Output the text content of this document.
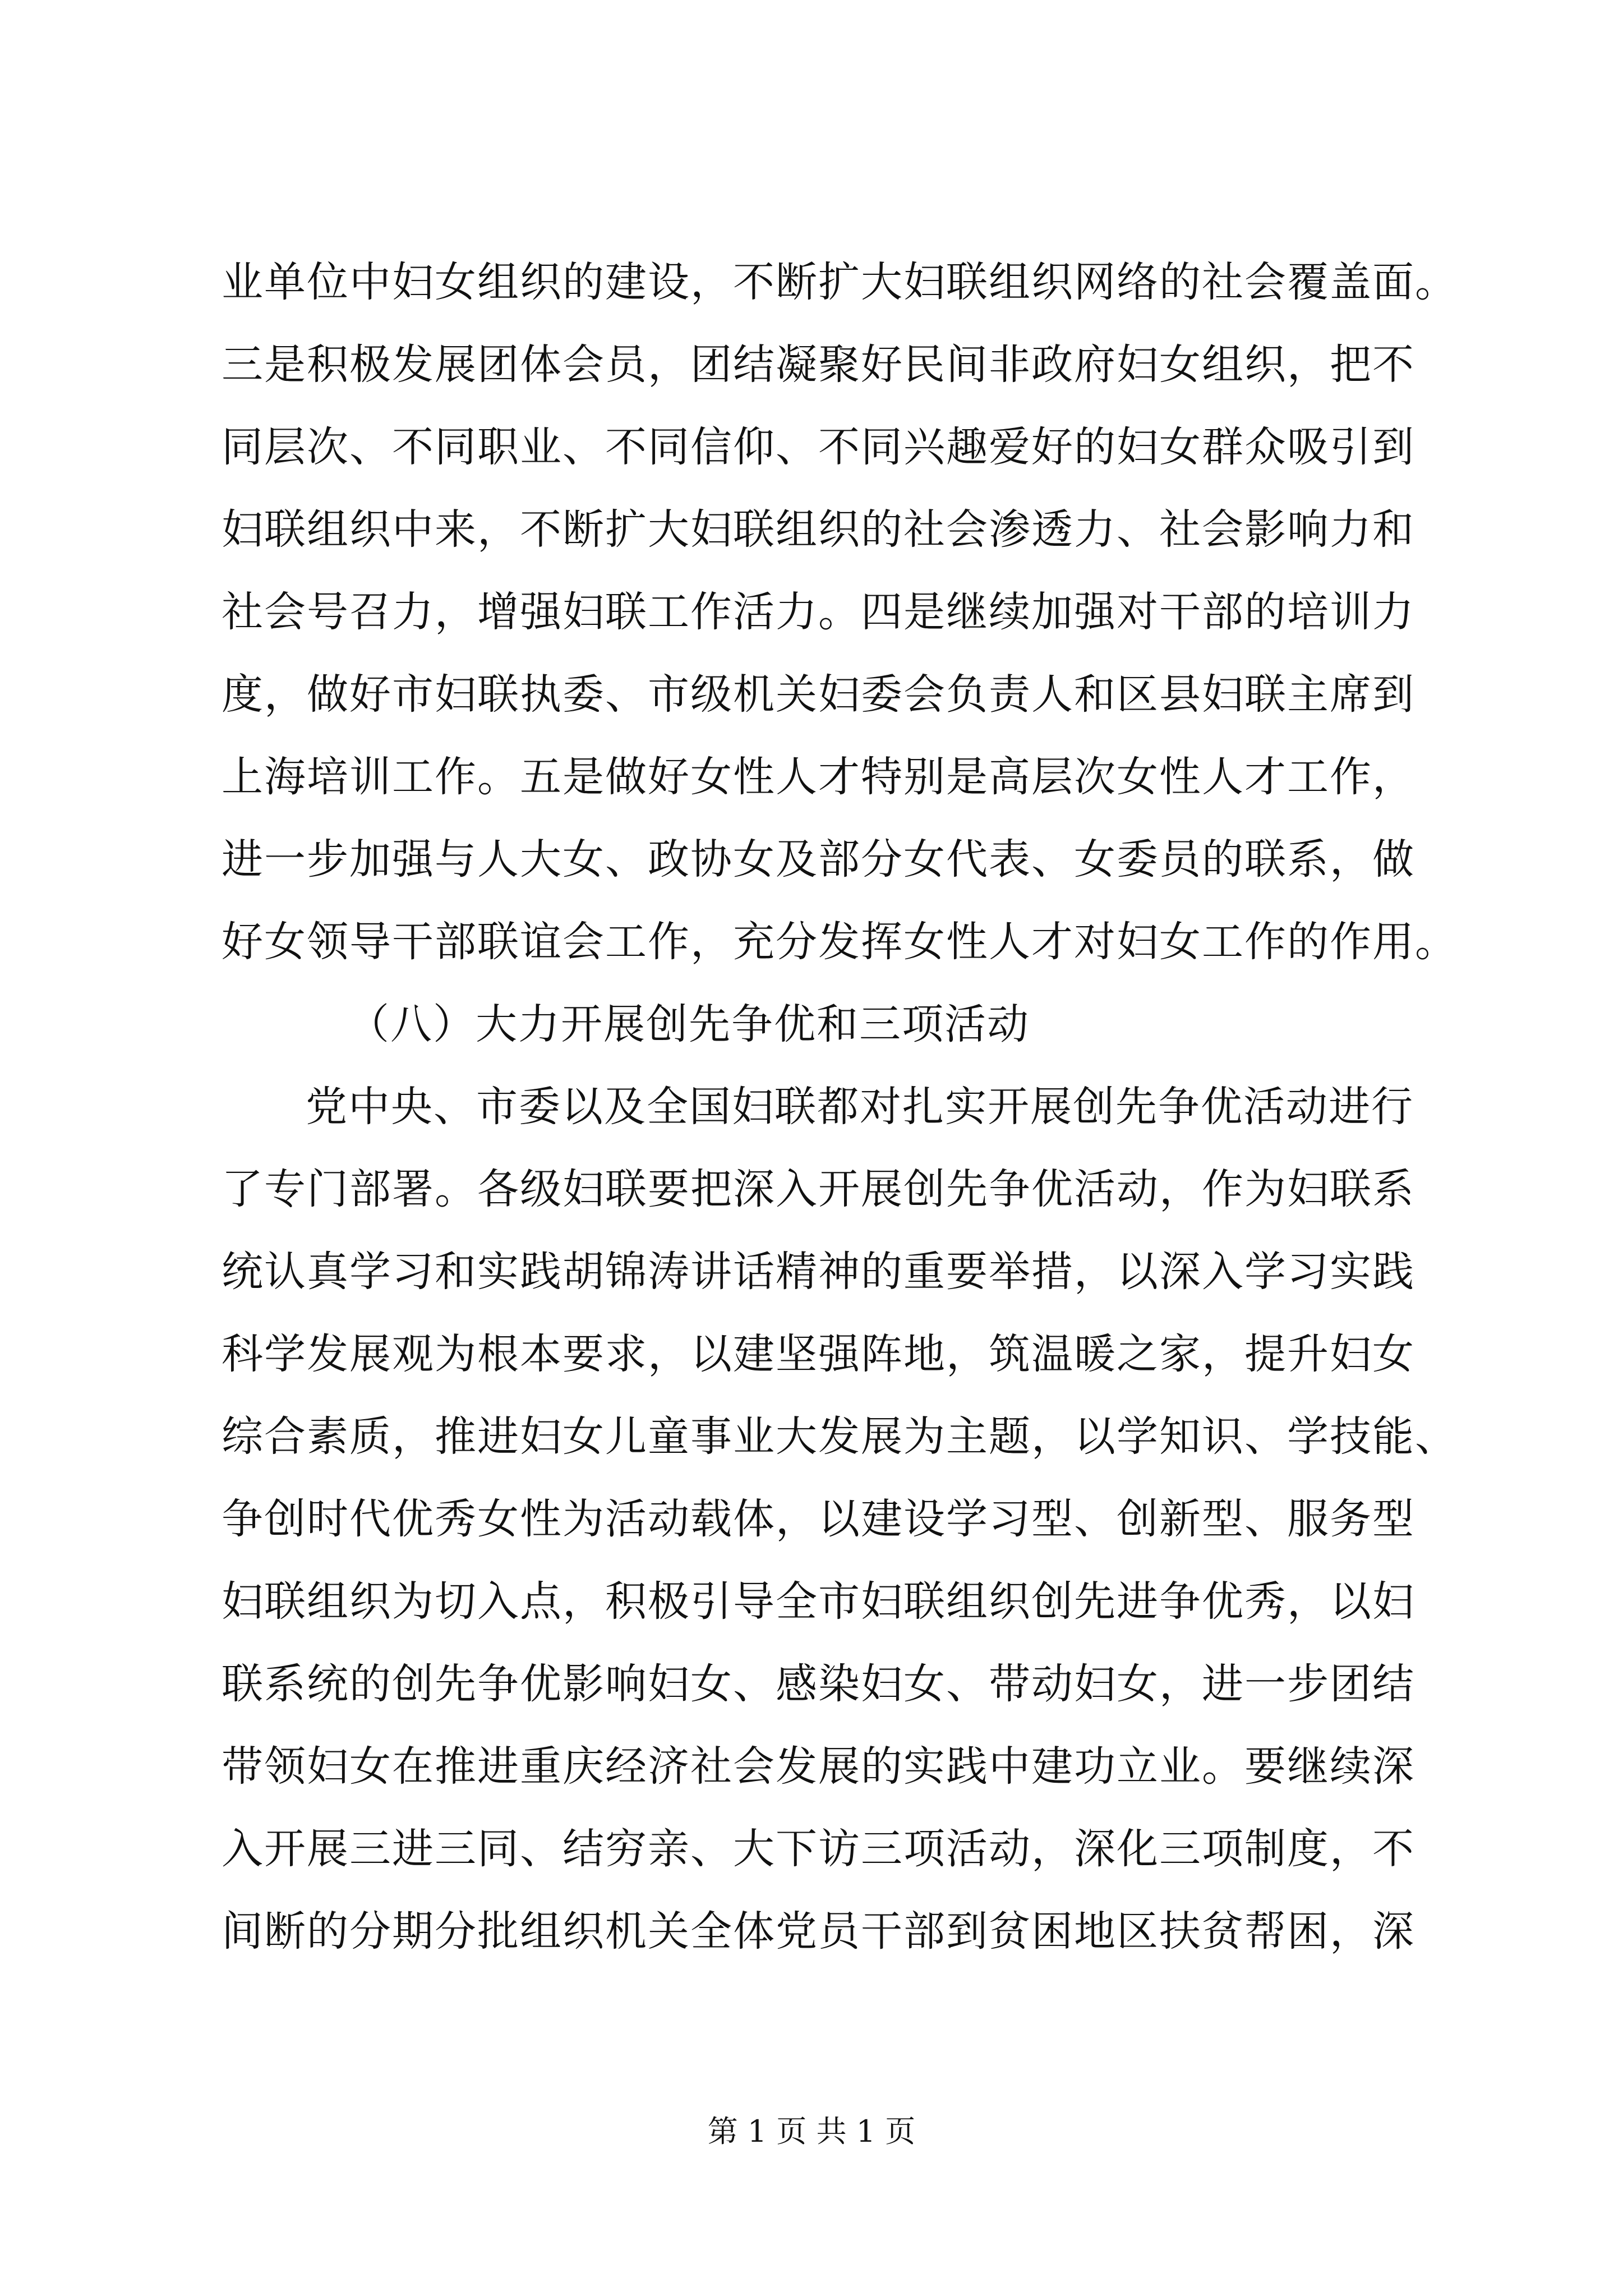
业单位中妇女组织的建设，不断扩大妇联组织网络的社会覆盖面。
三是积极发展团体会员，团结凝聚好民间非政府妇女组织，把不
同层次、不同职业、不同信仰、不同兴趣爱好的妇女群众吸引到
妇联组织中来，不断扩大妇联组织的社会渗透力、社会影响力和
社会号召力，增强妇联工作活力。四是继续加强对干部的培训力
度，做好市妇联执委、市级机关妇委会负责人和区县妇联主席到
上海培训工作。五是做好女性人才特别是高层次女性人才工作，
进一步加强与人大女、政协女及部分女代表、女委员的联系，做
好女领导干部联谊会工作，充分发挥女性人才对妇女工作的作用。
（八）大力开展创先争优和三项活动
党中央、市委以及全国妇联都对扎实开展创先争优活动进行
了专门部署。各级妇联要把深入开展创先争优活动，作为妇联系
统认真学习和实践胡锦涛讲话精神的重要举措，以深入学习实践
科学发展观为根本要求，以建坚强阵地，筑温暖之家，提升妇女
综合素质，推进妇女儿童事业大发展为主题，以学知识、学技能、
争创时代优秀女性为活动载体，以建设学习型、创新型、服务型
妇联组织为切入点，积极引导全市妇联组织创先进争优秀，以妇
联系统的创先争优影响妇女、感染妇女、带动妇女，进一步团结
带领妇女在推进重庆经济社会发展的实践中建功立业。要继续深
入开展三进三同、结穷亲、大下访三项活动，深化三项制度，不
间断的分期分批组织机关全体党员干部到贫困地区扶贫帮困，深
第 1 页 共 1 页
